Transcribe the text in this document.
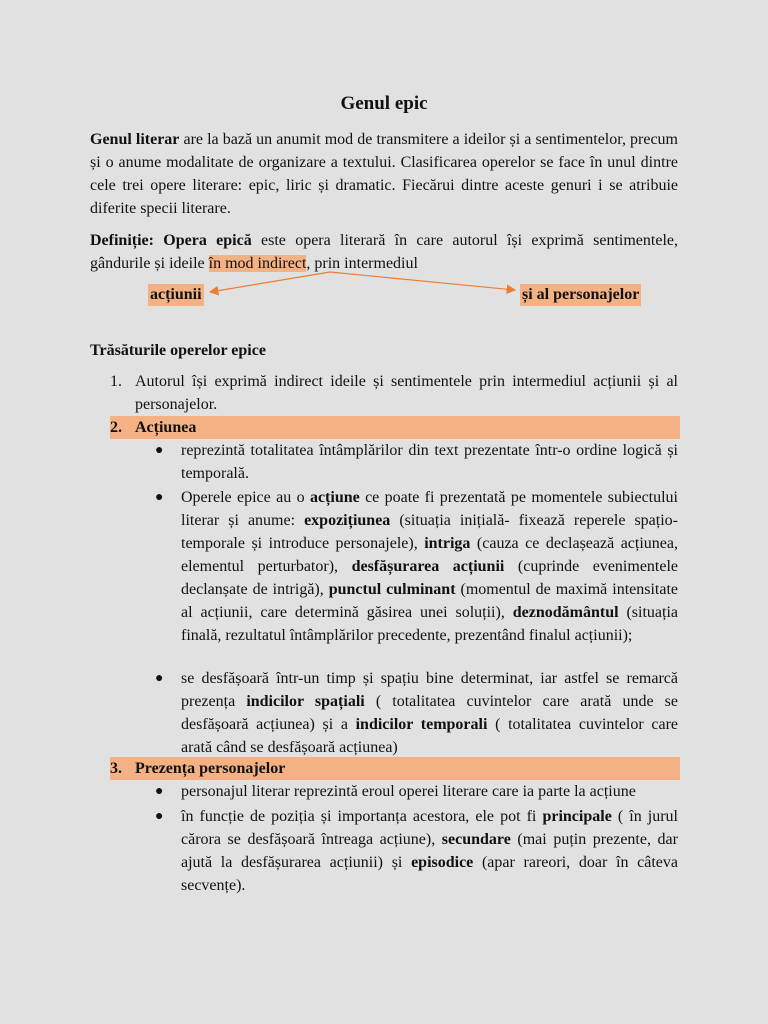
Genul epic
Genul literar are la bază un anumit mod de transmitere a ideilor și a sentimentelor, precum și o anume modalitate de organizare a textului. Clasificarea operelor se face în unul dintre cele trei opere literare: epic, liric și dramatic. Fiecărui dintre aceste genuri i se atribuie diferite specii literare.
Definiție: Opera epică este opera literară în care autorul își exprimă sentimentele, gândurile și ideile în mod indirect, prin intermediul
acțiunii	și al personajelor
Trăsăturile operelor epice
1. Autorul își exprimă indirect ideile și sentimentele prin intermediul acțiunii și al personajelor.
2. Acțiunea
● reprezintă totalitatea întâmplărilor din text prezentate într-o ordine logică și temporală.
● Operele epice au o acțiune ce poate fi prezentată pe momentele subiectului literar și anume: expozițiunea (situația inițială- fixează reperele spațio-temporale și introduce personajele), intriga (cauza ce declașează acțiunea, elementul perturbator), desfășurarea acțiunii (cuprinde evenimentele declanșate de intrigă), punctul culminant (momentul de maximă intensitate al acțiunii, care determină găsirea unei soluții), deznodământul (situația finală, rezultatul întâmplărilor precedente, prezentând finalul acțiunii);
● se desfășoară într-un timp și spațiu bine determinat, iar astfel se remarcă prezența indicilor spațiali ( totalitatea cuvintelor care arată unde se desfășoară acțiunea) și a indicilor temporali ( totalitatea cuvintelor care arată când se desfășoară acțiunea)
3. Prezența personajelor
● personajul literar reprezintă eroul operei literare care ia parte la acțiune
● în funcție de poziția și importanța acestora, ele pot fi principale ( în jurul cărora se desfășoară întreaga acțiune), secundare (mai puțin prezente, dar ajută la desfășurarea acțiunii) și episodice (apar rareori, doar în câteva secvențe).
